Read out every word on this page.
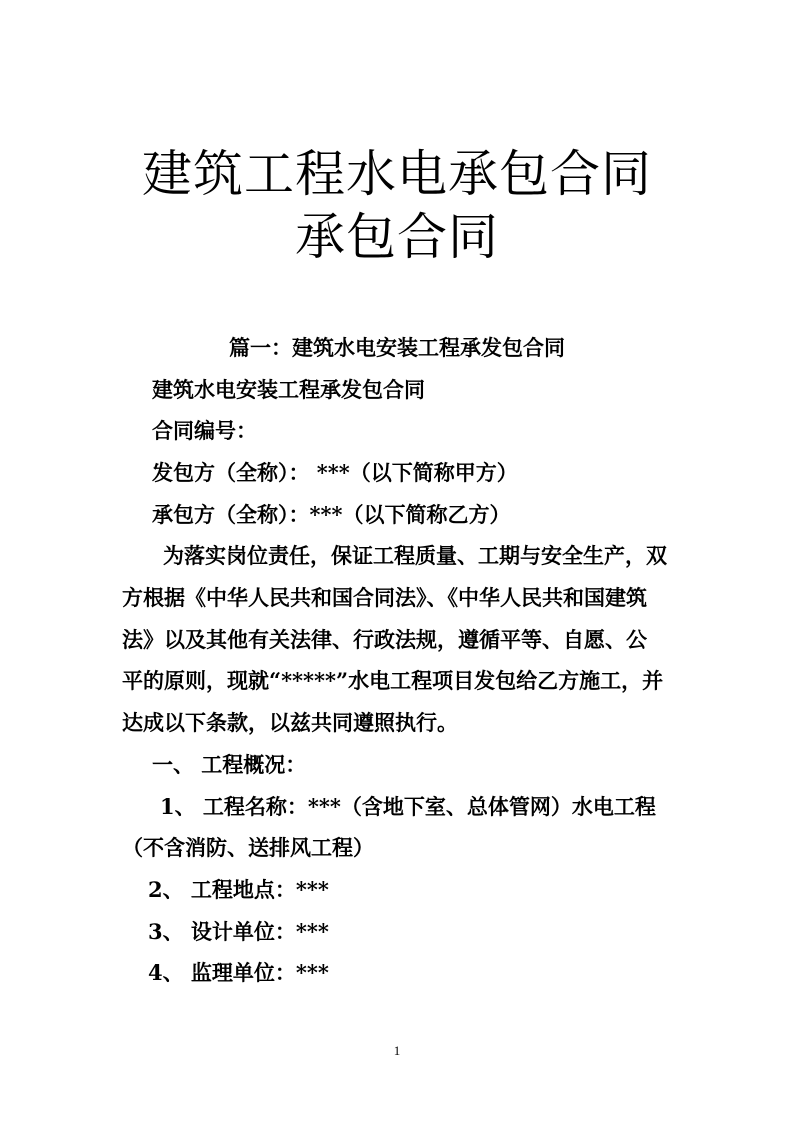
建筑工程水电承包合同
承包合同
篇一：建筑水电安装工程承发包合同
建筑水电安装工程承发包合同
合同编号：
发包方（全称）： ***（以下简称甲方）
承包方（全称）：***（以下简称乙方）
为落实岗位责任，保证工程质量、工期与安全生产，双
方根据《中华人民共和国合同法》、《中华人民共和国建筑
法》以及其他有关法律、行政法规，遵循平等、自愿、公
平的原则，现就“*****”水电工程项目发包给乙方施工，并
达成以下条款，以兹共同遵照执行。
一、 工程概况：
1、 工程名称：***（含地下室、总体管网）水电工程
（不含消防、送排风工程）
2、 工程地点：***
3、 设计单位：***
4、 监理单位：***
1
